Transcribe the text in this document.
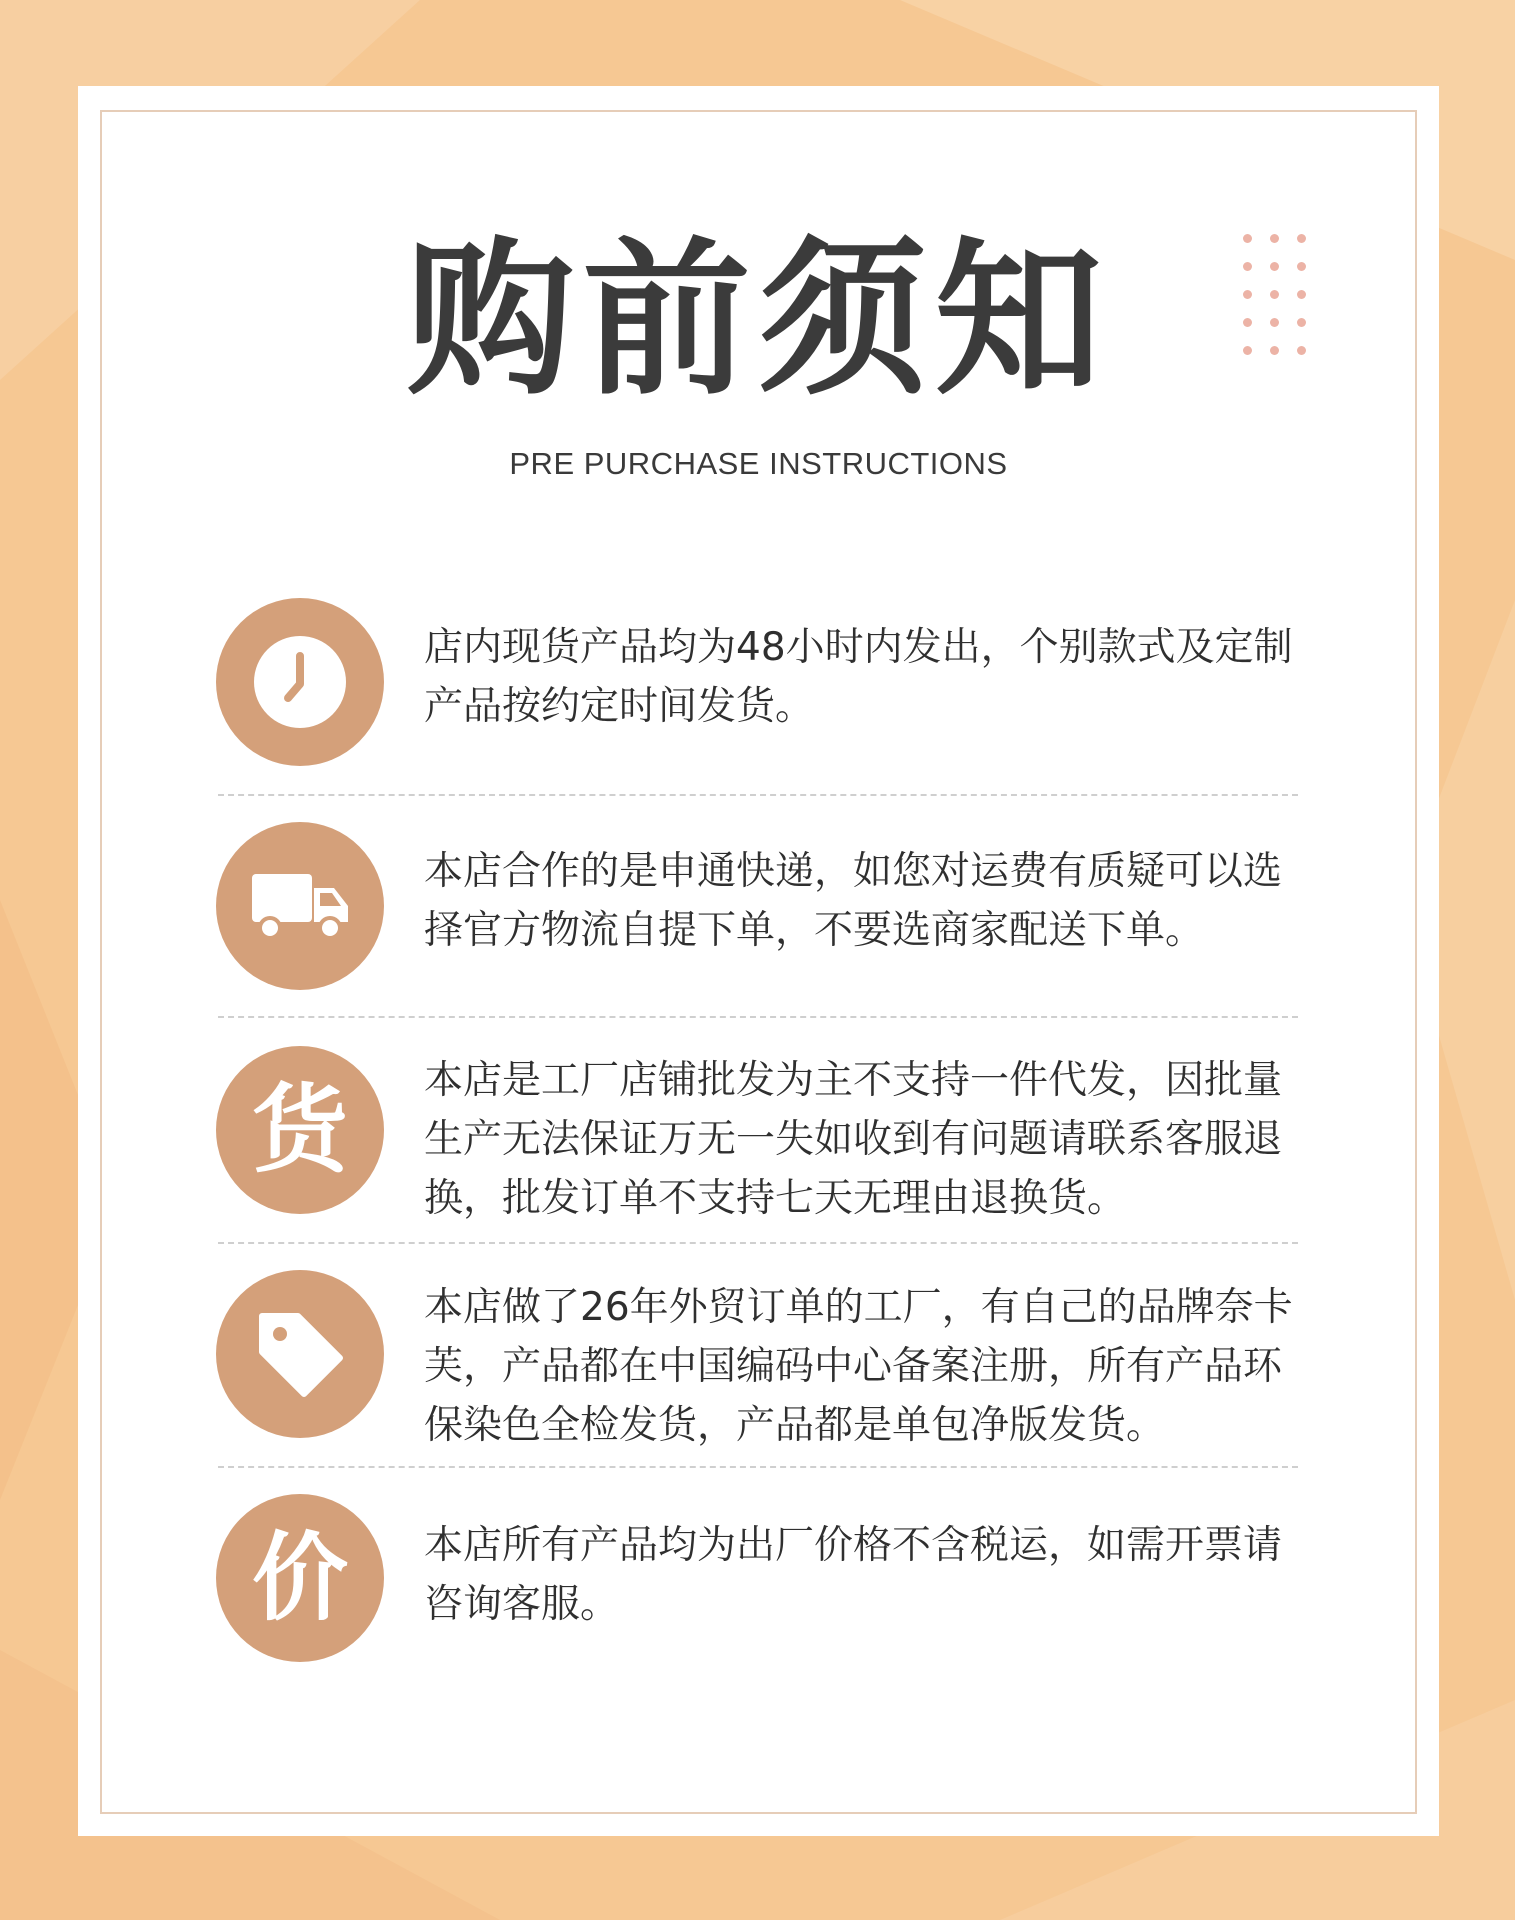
购前须知
PRE PURCHASE INSTRUCTIONS
店内现货产品均为48小时内发出，个别款式及定制产品按约定时间发货。
本店合作的是申通快递，如您对运费有质疑可以选择官方物流自提下单，不要选商家配送下单。
货 本店是工厂店铺批发为主不支持一件代发，因批量生产无法保证万无一失如收到有问题请联系客服退换，批发订单不支持七天无理由退换货。
本店做了26年外贸订单的工厂，有自己的品牌奈卡芙，产品都在中国编码中心备案注册，所有产品环保染色全检发货，产品都是单包净版发货。
价 本店所有产品均为出厂价格不含税运，如需开票请咨询客服。
